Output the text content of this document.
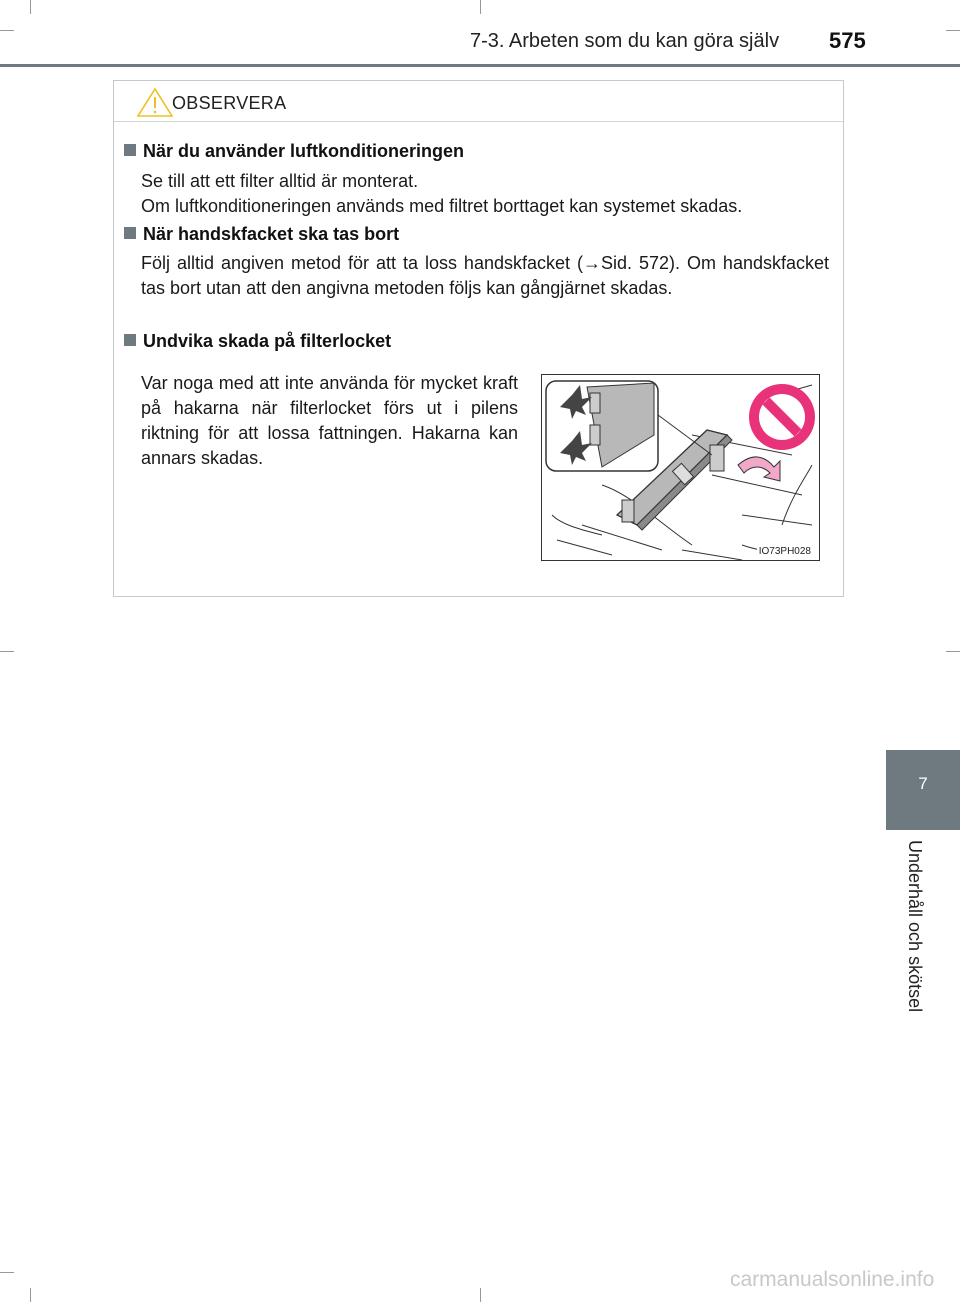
7-3. Arbeten som du kan göra själv 575
OBSERVERA
När du använder luftkonditioneringen
Se till att ett filter alltid är monterat.
Om luftkonditioneringen används med filtret borttaget kan systemet skadas.
När handskfacket ska tas bort
Följ alltid angiven metod för att ta loss handskfacket (→Sid. 572). Om handskfacket tas bort utan att den angivna metoden följs kan gångjärnet skadas.
Undvika skada på filterlocket
Var noga med att inte använda för mycket kraft på hakarna när filterlocket förs ut i pilens riktning för att lossa fattningen. Hakarna kan annars skadas.
IO73PH028
7
Underhåll och skötsel
carmanualsonline.info
